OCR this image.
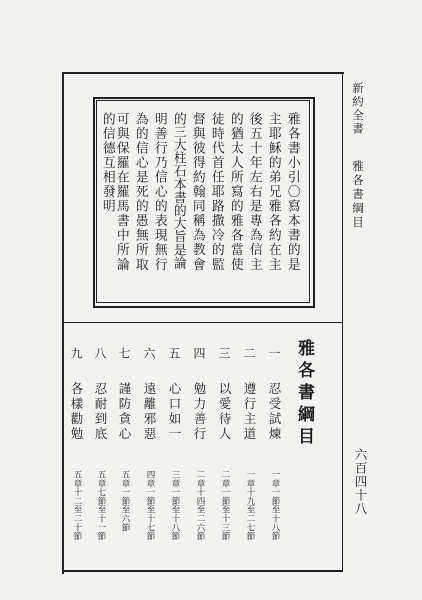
新約全書
雅各書綱目
六百四十八
雅各書小引〇寫本書的是
主耶穌的弟兄雅各約在主
後五十年左右是專為信主
的猶太人所寫的雅各當使
徒時代首任耶路撒冷的監
督與彼得約翰同稱為教會
的三大柱石本書的大旨是論
明善行乃信心的表現無行
為的信心是死的愚無所取
可與保羅在羅馬書中所論
的信德互相發明
雅各書綱目
一
忍受試煉
一章一節至十八節
二
遵行主道
一章十九至二七節
三
以愛待人
二章一節至十三節
四
勉力善行
二章十四至二六節
五
心口如一
三章一節至十八節
六
遠離邪惡
四章一節至十七節
七
謹防貪心
五章一節至六節
八
忍耐到底
五章七節至十一節
九
各樣勸勉
五章十二至二十節
